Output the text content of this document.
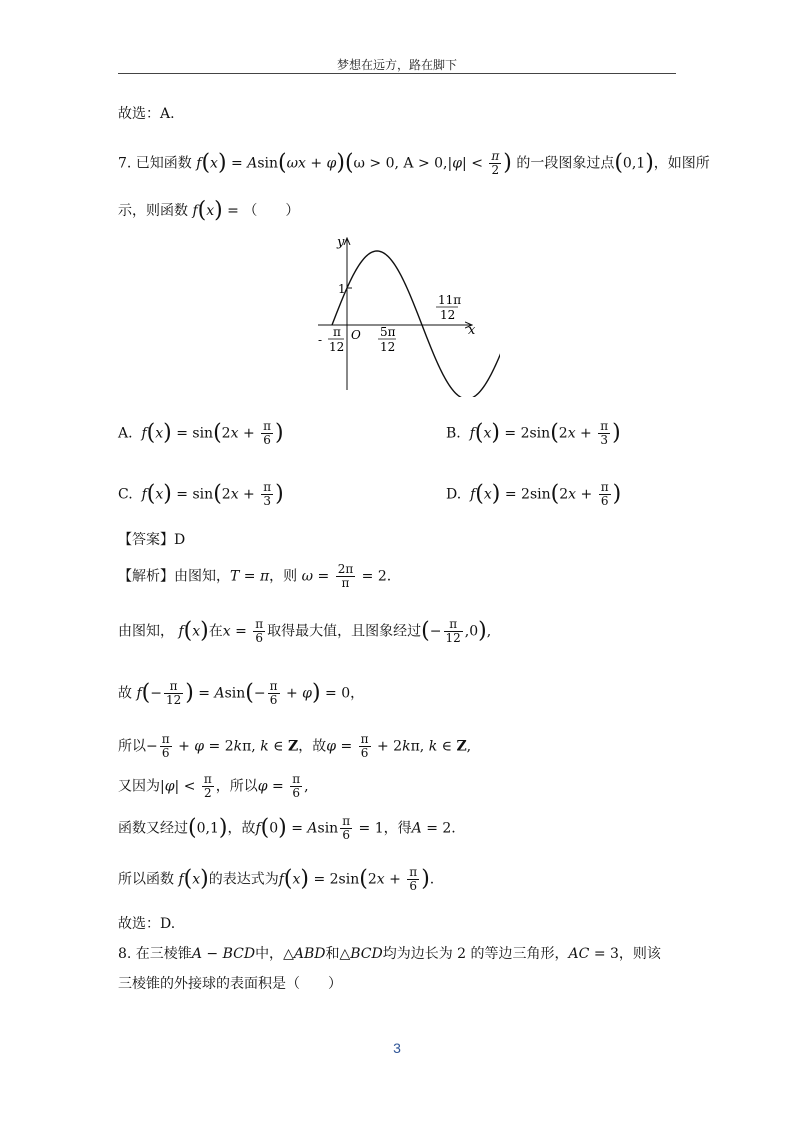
梦想在远方，路在脚下
故选：A.
7. 已知函数 f(x) = Asin(ωx + φ)(ω > 0, $A > 0,|\varphi| < \frac{\pi}{2}$ ) 的一段图象过点(0,1)，如图所
示，则函数 f(x) = （　　）
y
x
O
1
-
π
12
5π
12
11π
12
A. $f(x) = \sin(2x + \frac{\pi}{6}$ )	B. $f(x) = 2\sin(2x + \frac{\pi}{3}$ )
C. $f(x) = \sin(2x + \frac{\pi}{3}$ )	D. $f(x) = 2\sin(2x + \frac{\pi}{6}$ )
【答案】D
【解析】由图知，T = π，则 $\omega = \frac{2\pi}{\pi} = 2$.
由图知， f(x)在$x = \frac{\pi}{6}$ 取得最大值，且图象经过(− $\frac{\pi}{12} ,0$),
故 $f(- \frac{\pi}{12}$ ) = $Asin(- \frac{\pi}{6} + \varphi) = 0$，
所以− $\frac{\pi}{6} + \varphi = 2k\pi$, k ∈ Z，故$\varphi = \frac{\pi}{6} + 2k\pi$, k ∈ Z,
又因为$|\varphi| < \frac{\pi}{2}$ ，所以$\varphi = \frac{\pi}{6}$ ,
函数又经过(0,1)，故f(0) = Asin $\frac{\pi}{6} = 1$，得A = 2.
所以函数 f(x)的表达式为$f(x) = 2\sin(2x + \frac{\pi}{6}$ ).
故选：D.
8. 在三棱锥A − BCD中，△ABD和△BCD均为边长为 2 的等边三角形，AC = 3，则该
三棱锥的外接球的表面积是（　　）
3
